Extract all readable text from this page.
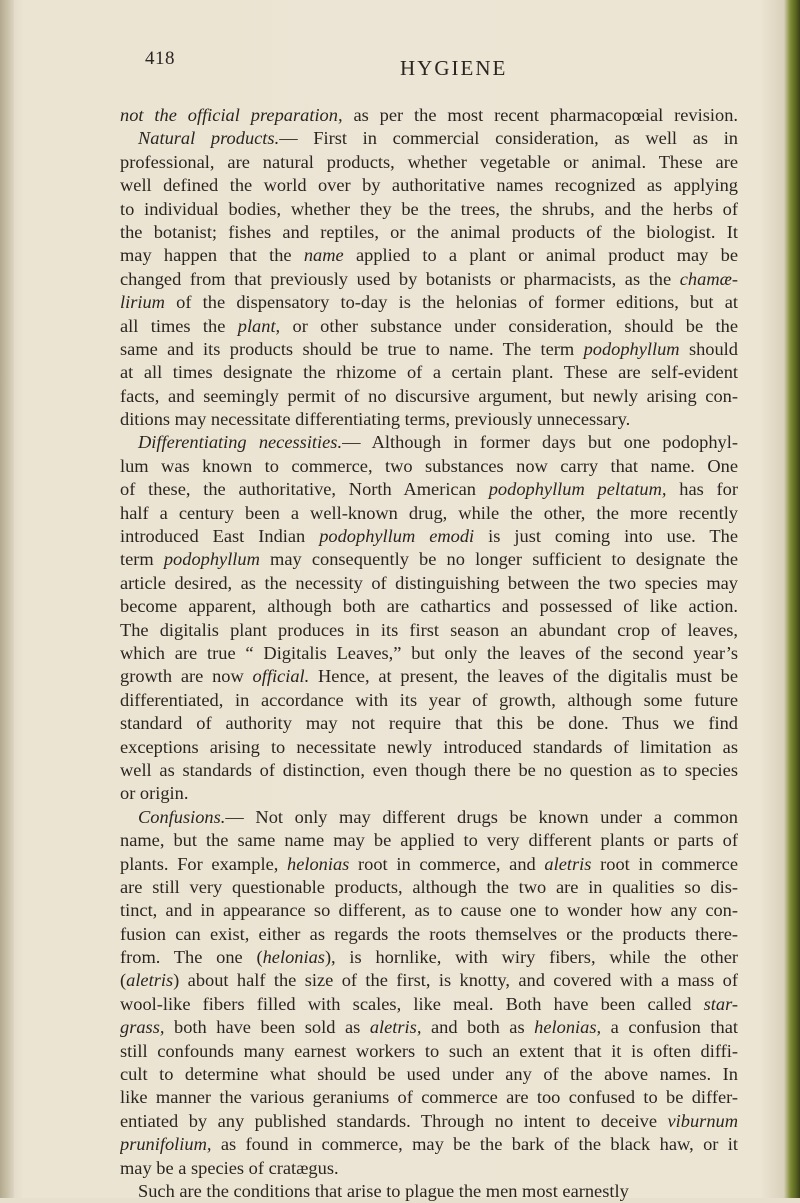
418	HYGIENE
not the official preparation, as per the most recent pharmacopœial revision.
Natural products.— First in commercial consideration, as well as in
professional, are natural products, whether vegetable or animal. These are
well defined the world over by authoritative names recognized as applying
to individual bodies, whether they be the trees, the shrubs, and the herbs of
the botanist; fishes and reptiles, or the animal products of the biologist. It
may happen that the name applied to a plant or animal product may be
changed from that previously used by botanists or pharmacists, as the chamæ-
lirium of the dispensatory to-day is the helonias of former editions, but at
all times the plant, or other substance under consideration, should be the
same and its products should be true to name. The term podophyllum should
at all times designate the rhizome of a certain plant. These are self-evident
facts, and seemingly permit of no discursive argument, but newly arising con-
ditions may necessitate differentiating terms, previously unnecessary.
Differentiating necessities.— Although in former days but one podophyl-
lum was known to commerce, two substances now carry that name. One
of these, the authoritative, North American podophyllum peltatum, has for
half a century been a well-known drug, while the other, the more recently
introduced East Indian podophyllum emodi is just coming into use. The
term podophyllum may consequently be no longer sufficient to designate the
article desired, as the necessity of distinguishing between the two species may
become apparent, although both are cathartics and possessed of like action.
The digitalis plant produces in its first season an abundant crop of leaves,
which are true “ Digitalis Leaves,” but only the leaves of the second year’s
growth are now official. Hence, at present, the leaves of the digitalis must be
differentiated, in accordance with its year of growth, although some future
standard of authority may not require that this be done. Thus we find
exceptions arising to necessitate newly introduced standards of limitation as
well as standards of distinction, even though there be no question as to species
or origin.
Confusions.— Not only may different drugs be known under a common
name, but the same name may be applied to very different plants or parts of
plants. For example, helonias root in commerce, and aletris root in commerce
are still very questionable products, although the two are in qualities so dis-
tinct, and in appearance so different, as to cause one to wonder how any con-
fusion can exist, either as regards the roots themselves or the products there-
from. The one (helonias), is hornlike, with wiry fibers, while the other
(aletris) about half the size of the first, is knotty, and covered with a mass of
wool-like fibers filled with scales, like meal. Both have been called star-
grass, both have been sold as aletris, and both as helonias, a confusion that
still confounds many earnest workers to such an extent that it is often diffi-
cult to determine what should be used under any of the above names. In
like manner the various geraniums of commerce are too confused to be differ-
entiated by any published standards. Through no intent to deceive viburnum
prunifolium, as found in commerce, may be the bark of the black haw, or it
may be a species of cratægus.
Such are the conditions that arise to plague the men most earnestly
